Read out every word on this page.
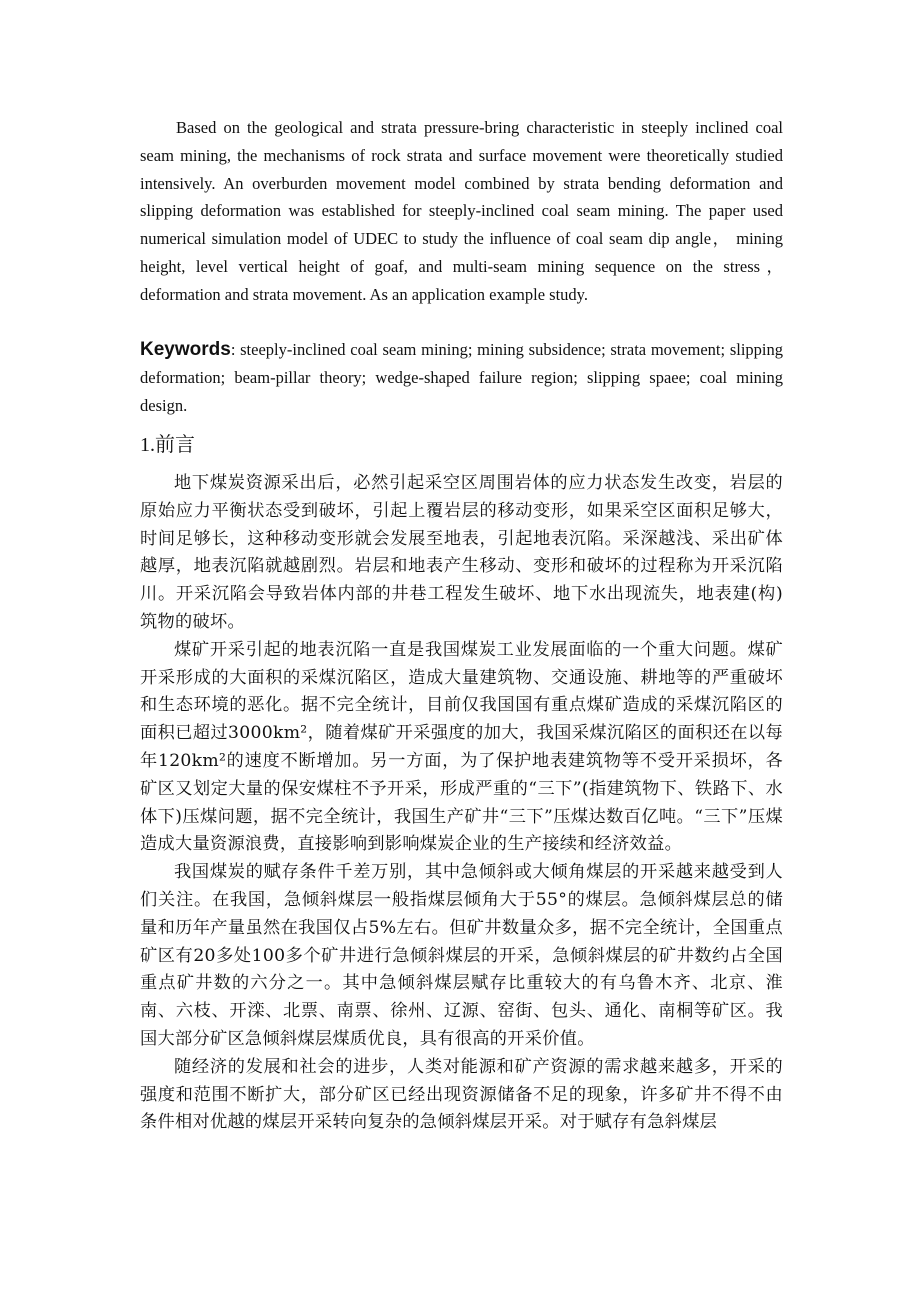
Based on the geological and strata pressure-bring characteristic in steeply inclined coal seam mining, the mechanisms of rock strata and surface movement were theoretically studied intensively. An overburden movement model combined by strata bending deformation and slipping deformation was established for steeply-inclined coal seam mining. The paper used numerical simulation model of UDEC to study the influence of coal seam dip angle， mining height, level vertical height of goaf, and multi-seam mining sequence on the stress， deformation and strata movement. As an application example study.

Keywords: steeply-inclined coal seam mining; mining subsidence; strata movement; slipping deformation; beam-pillar theory; wedge-shaped failure region; slipping spaee; coal mining design.

1.前言

地下煤炭资源采出后，必然引起采空区周围岩体的应力状态发生改变，岩层的原始应力平衡状态受到破坏，引起上覆岩层的移动变形，如果采空区面积足够大，时间足够长，这种移动变形就会发展至地表，引起地表沉陷。采深越浅、采出矿体越厚，地表沉陷就越剧烈。岩层和地表产生移动、变形和破坏的过程称为开采沉陷川。开采沉陷会导致岩体内部的井巷工程发生破坏、地下水出现流失，地表建(构)筑物的破坏。

煤矿开采引起的地表沉陷一直是我国煤炭工业发展面临的一个重大问题。煤矿开采形成的大面积的采煤沉陷区，造成大量建筑物、交通设施、耕地等的严重破坏和生态环境的恶化。据不完全统计，目前仅我国国有重点煤矿造成的采煤沉陷区的面积已超过3000km²，随着煤矿开采强度的加大，我国采煤沉陷区的面积还在以每年120km²的速度不断增加。另一方面，为了保护地表建筑物等不受开采损坏，各矿区又划定大量的保安煤柱不予开采，形成严重的“三下”(指建筑物下、铁路下、水体下)压煤问题，据不完全统计，我国生产矿井“三下”压煤达数百亿吨。“三下”压煤造成大量资源浪费，直接影响到影响煤炭企业的生产接续和经济效益。

我国煤炭的赋存条件千差万别，其中急倾斜或大倾角煤层的开采越来越受到人们关注。在我国，急倾斜煤层一般指煤层倾角大于55°的煤层。急倾斜煤层总的储量和历年产量虽然在我国仅占5%左右。但矿井数量众多，据不完全统计，全国重点矿区有20多处100多个矿井进行急倾斜煤层的开采，急倾斜煤层的矿井数约占全国重点矿井数的六分之一。其中急倾斜煤层赋存比重较大的有乌鲁木齐、北京、淮南、六枝、开滦、北票、南票、徐州、辽源、窑街、包头、通化、南桐等矿区。我国大部分矿区急倾斜煤层煤质优良，具有很高的开采价值。

随经济的发展和社会的进步，人类对能源和矿产资源的需求越来越多，开采的强度和范围不断扩大，部分矿区已经出现资源储备不足的现象，许多矿井不得不由条件相对优越的煤层开采转向复杂的急倾斜煤层开采。对于赋存有急斜煤层
